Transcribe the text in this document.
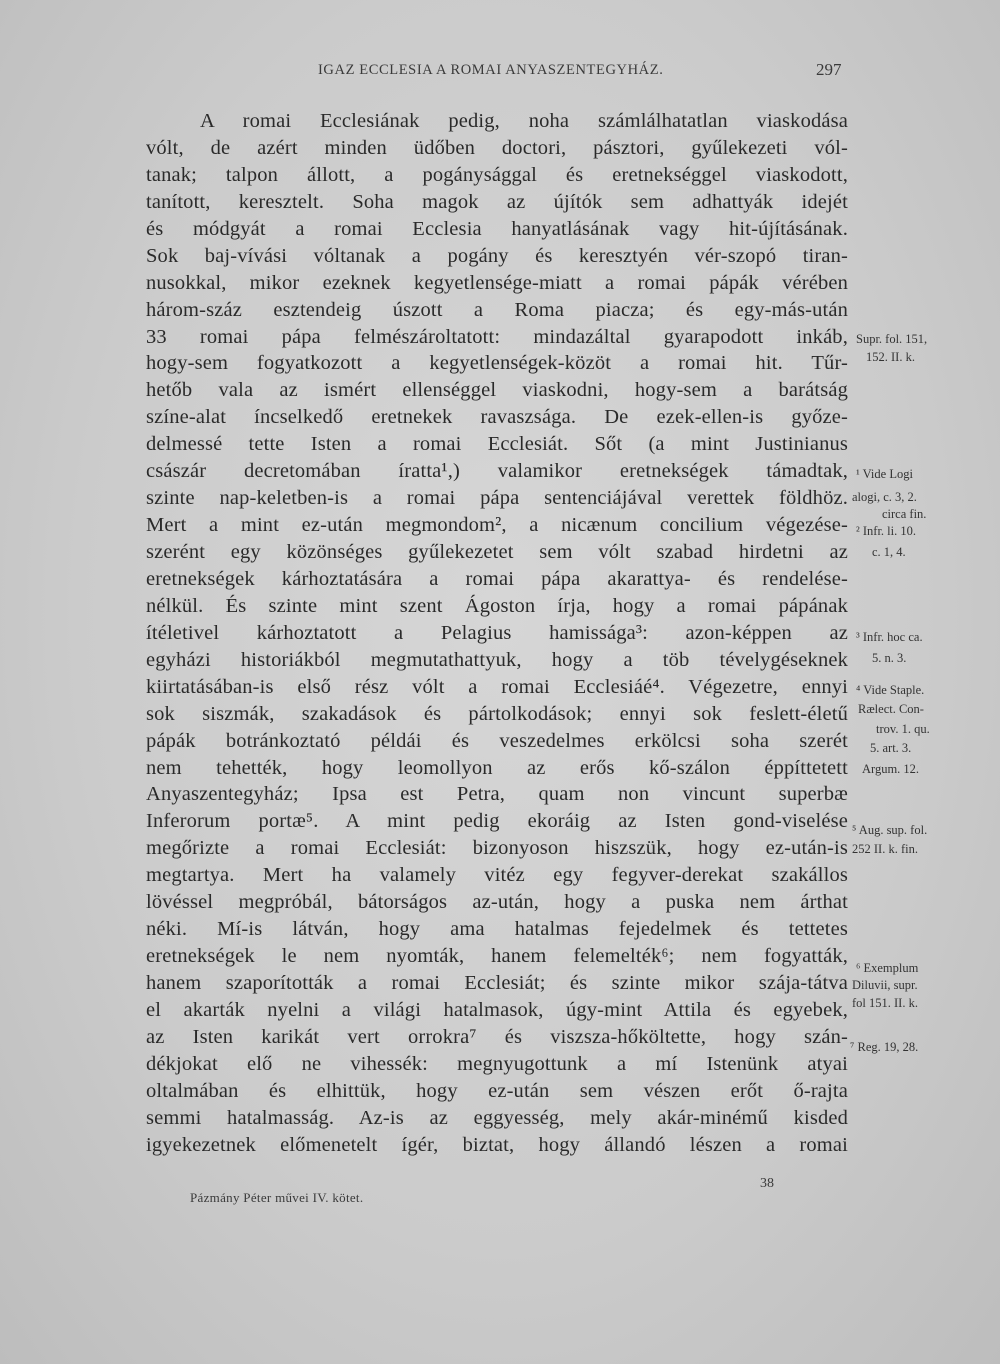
IGAZ ECCLESIA A ROMAI ANYASZENTEGYHÁZ.	297
A romai Ecclesiának pedig, noha számlálhatatlan viaskodása
vólt, de azért minden üdőben doctori, pásztori, gyűlekezeti vól-
tanak; talpon állott, a pogánysággal és eretnekséggel viaskodott,
tanított, keresztelt. Soha magok az újítók sem adhattyák idejét
és módgyát a romai Ecclesia hanyatlásának vagy hit-újításának.
Sok baj-vívási vóltanak a pogány és keresztyén vér-szopó tiran-
nusokkal, mikor ezeknek kegyetlensége-miatt a romai pápák vérében
három-száz esztendeig úszott a Roma piacza; és egy-más-után
33 romai pápa felmészároltatott: mindazáltal gyarapodott inkáb,
hogy-sem fogyatkozott a kegyetlenségek-közöt a romai hit. Tűr-
hetőb vala az ismért ellenséggel viaskodni, hogy-sem a barátság
színe-alat íncselkedő eretnekek ravaszsága. De ezek-ellen-is győze-
delmessé tette Isten a romai Ecclesiát. Sőt (a mint Justinianus
császár decretomában íratta¹,) valamikor eretnekségek támadtak,
szinte nap-keletben-is a romai pápa sentenciájával verettek földhöz.
Mert a mint ez-után megmondom², a nicænum concilium végezése-
szerént egy közönséges gyűlekezetet sem vólt szabad hirdetni az
eretnekségek kárhoztatására a romai pápa akarattya- és rendelése-
nélkül. És szinte mint szent Ágoston írja, hogy a romai pápának
ítéletivel kárhoztatott a Pelagius hamissága³: azon-képpen az
egyházi historiákból megmutathattyuk, hogy a töb tévelygéseknek
kiirtatásában-is első rész vólt a romai Ecclesiáé⁴. Végezetre, ennyi
sok siszmák, szakadások és pártolkodások; ennyi sok feslett-életű
pápák botránkoztató példái és veszedelmes erkölcsi soha szerét
nem tehették, hogy leomollyon az erős kő-szálon éppíttetett
Anyaszentegyház; Ipsa est Petra, quam non vincunt superbæ
Inferorum portæ⁵. A mint pedig ekoráig az Isten gond-viselése
megőrizte a romai Ecclesiát: bizonyoson hiszszük, hogy ez-után-is
megtartya. Mert ha valamely vitéz egy fegyver-derekat szakállos
lövéssel megpróbál, bátorságos az-után, hogy a puska nem árthat
néki. Mí-is látván, hogy ama hatalmas fejedelmek és tettetes
eretnekségek le nem nyomták, hanem felemelték⁶; nem fogyatták,
hanem szaporították a romai Ecclesiát; és szinte mikor szája-tátva
el akarták nyelni a világi hatalmasok, úgy-mint Attila és egyebek,
az Isten karikát vert orrokra⁷ és viszsza-hőköltette, hogy szán-
dékjokat elő ne vihessék: megnyugottunk a mí Istenünk atyai
oltalmában és elhittük, hogy ez-után sem vészen erőt ő-rajta
semmi hatalmasság. Az-is az eggyesség, mely akár-minémű kisded
igyekezetnek előmenetelt ígér, biztat, hogy állandó lészen a romai
Supr. fol. 151,
152. II. k.
¹ Vide Logi
alogi, c. 3, 2.
circa fin.
² Infr. li. 10.
c. 1, 4.
³ Infr. hoc ca.
5. n. 3.
⁴ Vide Staple.
Rælect. Con-
trov. 1. qu.
5. art. 3.
Argum. 12.
⁵ Aug. sup. fol.
252 II. k. fin.
⁶ Exemplum
Diluvii, supr.
fol 151. II. k.
⁷ Reg. 19, 28.
Pázmány Péter művei IV. kötet.
38
